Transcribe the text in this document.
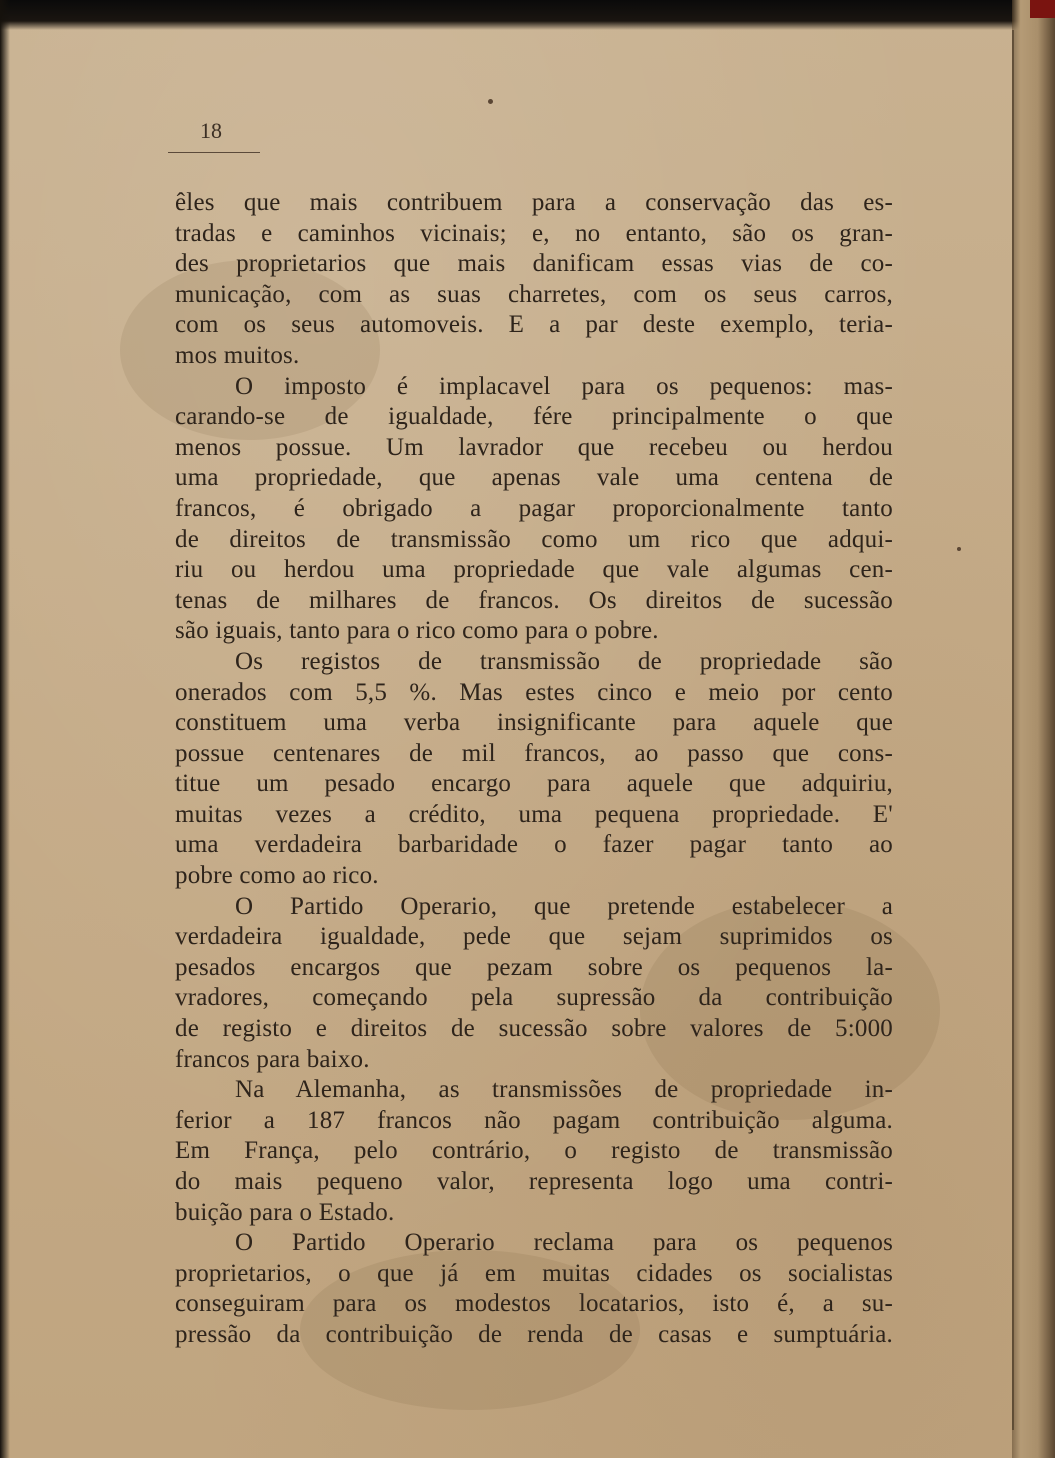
18
êles que mais contribuem para a conservação das es-
tradas e caminhos vicinais; e, no entanto, são os gran-
des proprietarios que mais danificam essas vias de co-
municação, com as suas charretes, com os seus carros,
com os seus automoveis. E a par deste exemplo, teria-
mos muitos.
O imposto é implacavel para os pequenos: mas-
carando-se de igualdade, fére principalmente o que
menos possue. Um lavrador que recebeu ou herdou
uma propriedade, que apenas vale uma centena de
francos, é obrigado a pagar proporcionalmente tanto
de direitos de transmissão como um rico que adqui-
riu ou herdou uma propriedade que vale algumas cen-
tenas de milhares de francos. Os direitos de sucessão
são iguais, tanto para o rico como para o pobre.
Os registos de transmissão de propriedade são
onerados com 5,5 %. Mas estes cinco e meio por cento
constituem uma verba insignificante para aquele que
possue centenares de mil francos, ao passo que cons-
titue um pesado encargo para aquele que adquiriu,
muitas vezes a crédito, uma pequena propriedade. E'
uma verdadeira barbaridade o fazer pagar tanto ao
pobre como ao rico.
O Partido Operario, que pretende estabelecer a
verdadeira igualdade, pede que sejam suprimidos os
pesados encargos que pezam sobre os pequenos la-
vradores, começando pela supressão da contribuição
de registo e direitos de sucessão sobre valores de 5:000
francos para baixo.
Na Alemanha, as transmissões de propriedade in-
ferior a 187 francos não pagam contribuição alguma.
Em França, pelo contrário, o registo de transmissão
do mais pequeno valor, representa logo uma contri-
buição para o Estado.
O Partido Operario reclama para os pequenos
proprietarios, o que já em muitas cidades os socialistas
conseguiram para os modestos locatarios, isto é, a su-
pressão da contribuição de renda de casas e sumptuária.
